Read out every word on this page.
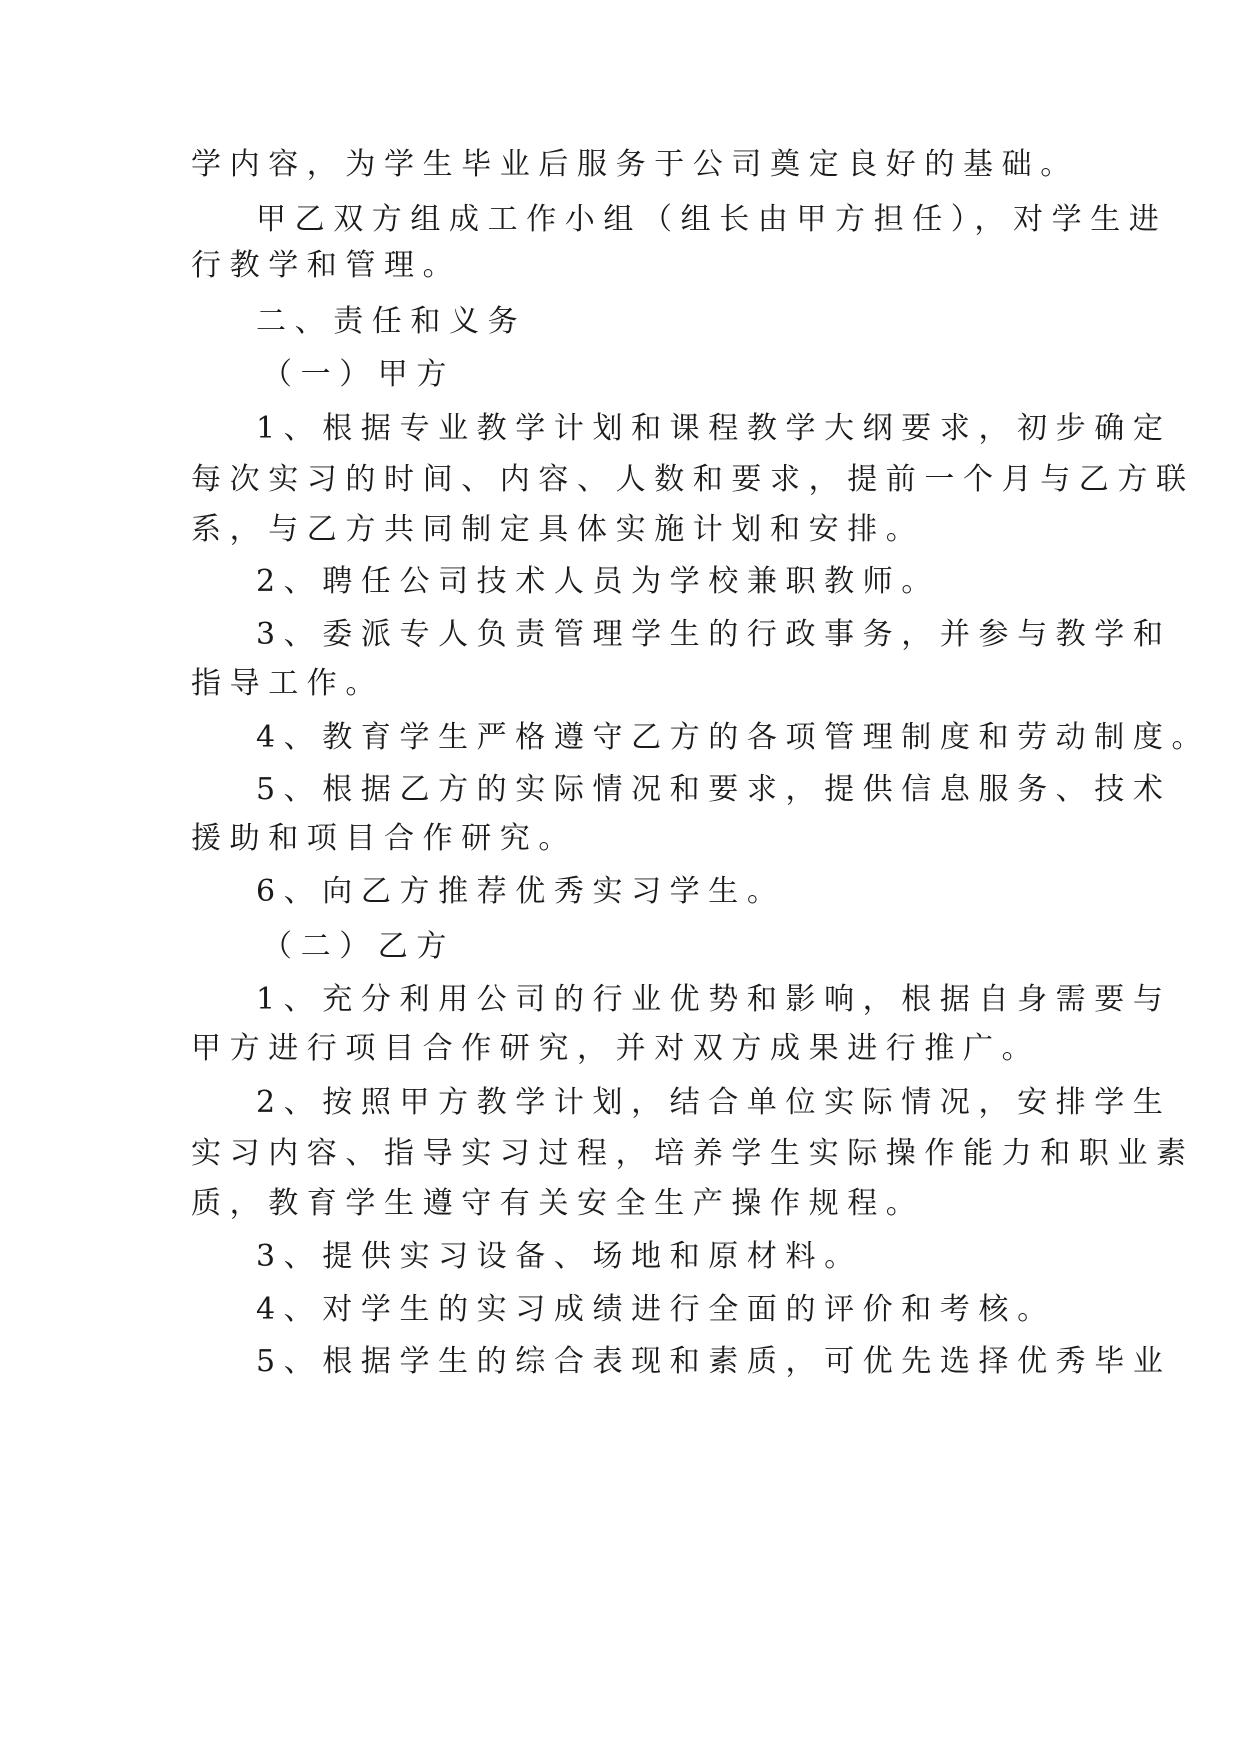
学内容，为学生毕业后服务于公司奠定良好的基础。
甲乙双方组成工作小组（组长由甲方担任），对学生进
行教学和管理。
二、责任和义务
（一）甲方
1、根据专业教学计划和课程教学大纲要求，初步确定
每次实习的时间、内容、人数和要求，提前一个月与乙方联
系，与乙方共同制定具体实施计划和安排。
2、聘任公司技术人员为学校兼职教师。
3、委派专人负责管理学生的行政事务，并参与教学和
指导工作。
4、教育学生严格遵守乙方的各项管理制度和劳动制度。
5、根据乙方的实际情况和要求，提供信息服务、技术
援助和项目合作研究。
6、向乙方推荐优秀实习学生。
（二）乙方
1、充分利用公司的行业优势和影响，根据自身需要与
甲方进行项目合作研究，并对双方成果进行推广。
2、按照甲方教学计划，结合单位实际情况，安排学生
实习内容、指导实习过程，培养学生实际操作能力和职业素
质，教育学生遵守有关安全生产操作规程。
3、提供实习设备、场地和原材料。
4、对学生的实习成绩进行全面的评价和考核。
5、根据学生的综合表现和素质，可优先选择优秀毕业
